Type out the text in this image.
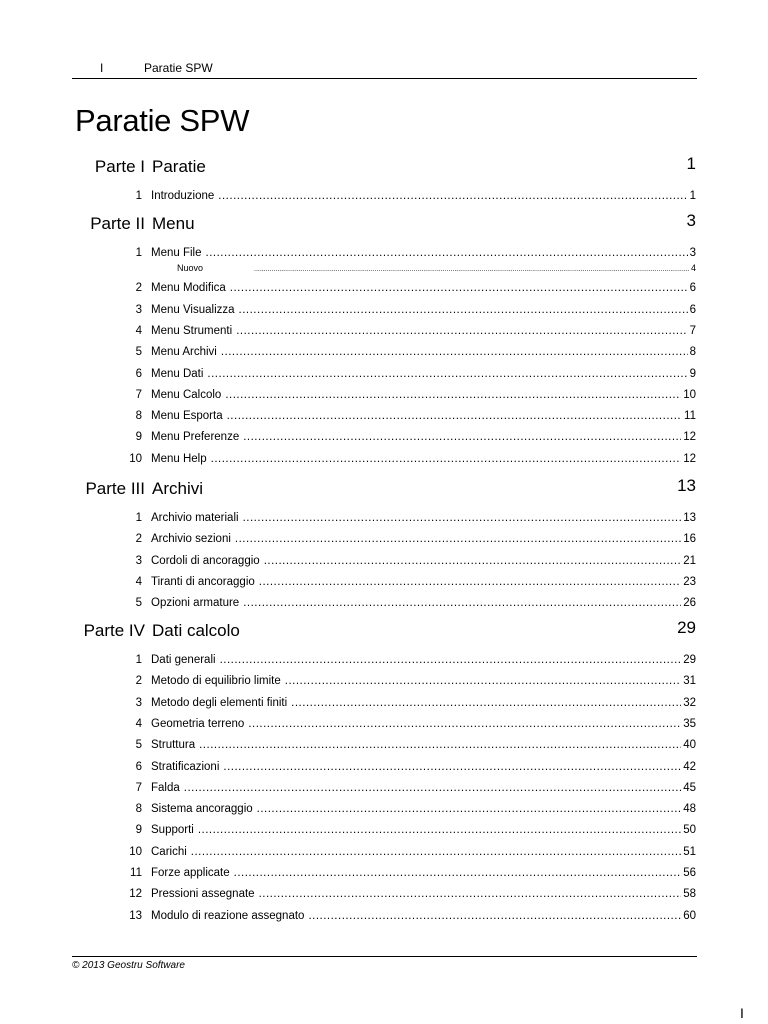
I	Paratie SPW
Paratie SPW
Parte I Paratie	1
1 Introduzione .....	1
Parte II Menu	3
1 Menu File .....	3
Nuovo .....	4
2 Menu Modifica .....	6
3 Menu Visualizza .....	6
4 Menu Strumenti .....	7
5 Menu Archivi .....	8
6 Menu Dati .....	9
7 Menu Calcolo .....	10
8 Menu Esporta .....	11
9 Menu Preferenze .....	12
10 Menu Help .....	12
Parte III Archivi	13
1 Archivio materiali .....	13
2 Archivio sezioni .....	16
3 Cordoli di ancoraggio .....	21
4 Tiranti di ancoraggio .....	23
5 Opzioni armature .....	26
Parte IV Dati calcolo	29
1 Dati generali .....	29
2 Metodo di equilibrio limite .....	31
3 Metodo degli elementi finiti .....	32
4 Geometria terreno .....	35
5 Struttura .....	40
6 Stratificazioni .....	42
7 Falda .....	45
8 Sistema ancoraggio .....	48
9 Supporti .....	50
10 Carichi .....	51
11 Forze applicate .....	56
12 Pressioni assegnate .....	58
13 Modulo di reazione assegnato .....	60
© 2013 Geostru Software
I
